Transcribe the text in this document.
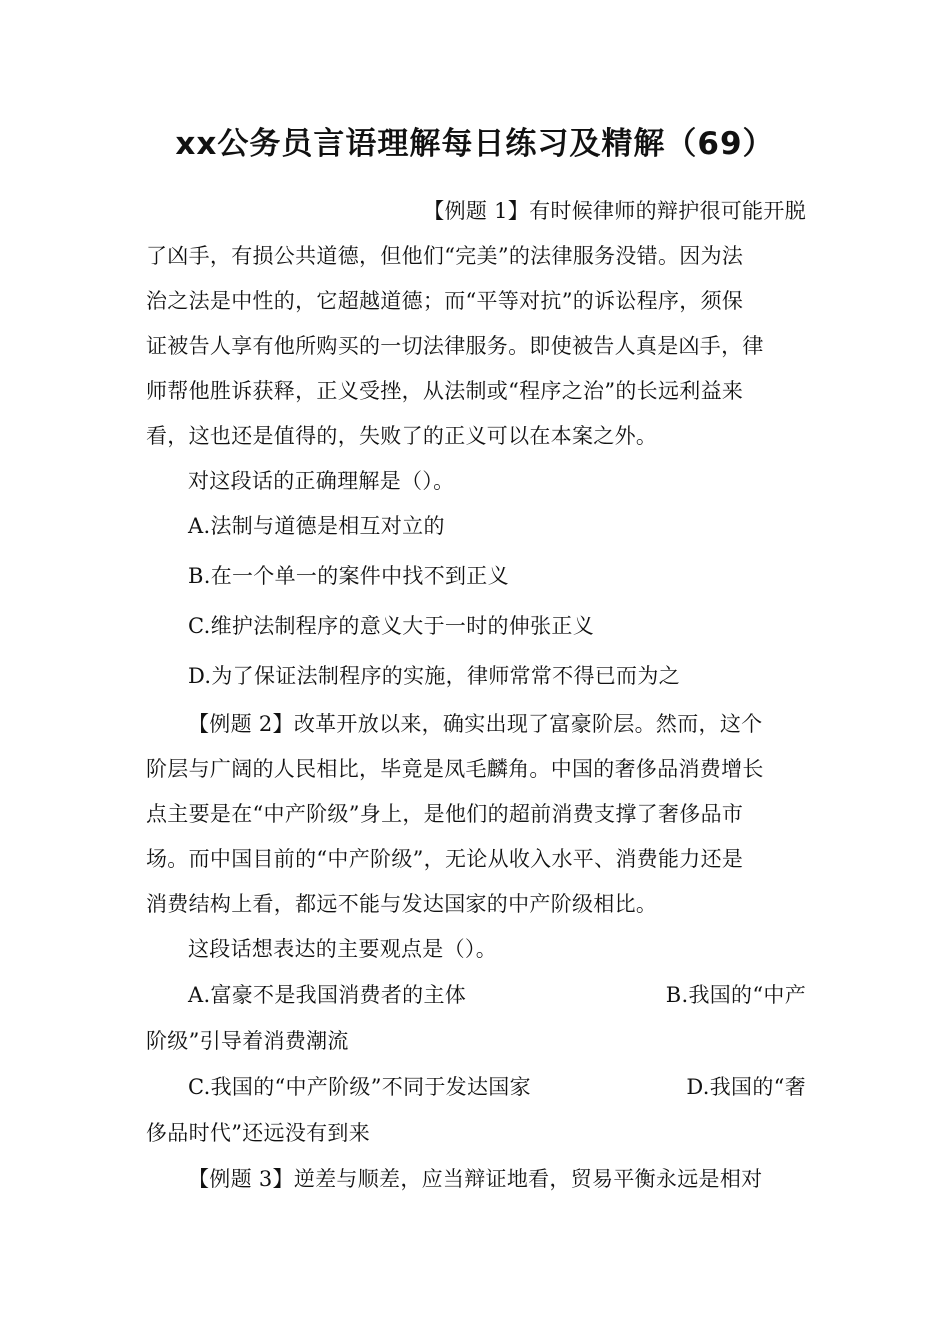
xx公务员言语理解每日练习及精解（69）
【例题 1】有时候律师的辩护很可能开脱
了凶手，有损公共道德，但他们“完美”的法律服务没错。因为法
治之法是中性的，它超越道德；而“平等对抗”的诉讼程序，须保
证被告人享有他所购买的一切法律服务。即使被告人真是凶手，律
师帮他胜诉获释，正义受挫，从法制或“程序之治”的长远利益来
看，这也还是值得的，失败了的正义可以在本案之外。
对这段话的正确理解是（）。
A.法制与道德是相互对立的
B.在一个单一的案件中找不到正义
C.维护法制程序的意义大于一时的伸张正义
D.为了保证法制程序的实施，律师常常不得已而为之
【例题 2】改革开放以来，确实出现了富豪阶层。然而，这个
阶层与广阔的人民相比，毕竟是凤毛麟角。中国的奢侈品消费增长
点主要是在“中产阶级”身上，是他们的超前消费支撑了奢侈品市
场。而中国目前的“中产阶级”，无论从收入水平、消费能力还是
消费结构上看，都远不能与发达国家的中产阶级相比。
这段话想表达的主要观点是（）。
A.富豪不是我国消费者的主体	B.我国的“中产
阶级”引导着消费潮流
C.我国的“中产阶级”不同于发达国家	D.我国的“奢
侈品时代”还远没有到来
【例题 3】逆差与顺差，应当辩证地看，贸易平衡永远是相对
